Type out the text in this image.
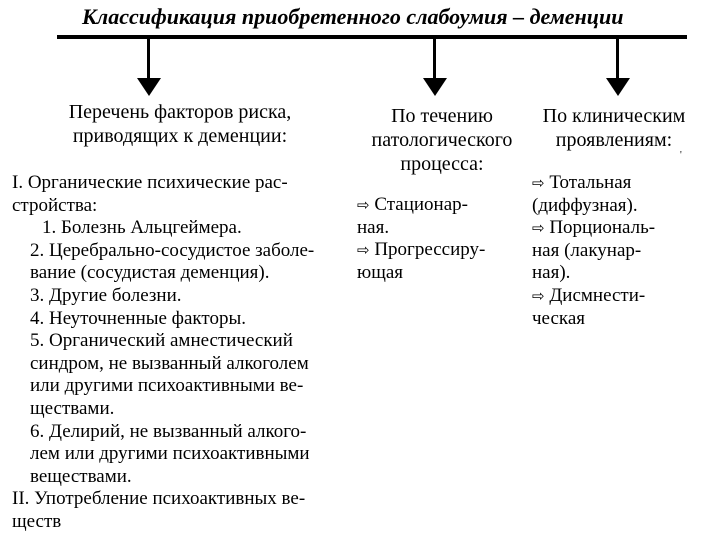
Классификация приобретенного слабоумия – деменции
Перечень факторов риска,
приводящих к деменции:
По течению
патологического
процесса:
По клиническим
проявлениям:

I. Органические психические рас-

стройства:

1. Болезнь Альцгеймера.

2. Церебрально-сосудистое заболе-

вание (сосудистая деменция).

3. Другие болезни.

4. Неуточненные факторы.

5. Органический амнестический

синдром, не вызванный алкоголем

или другими психоактивными ве-

ществами.

6. Делирий, не вызванный алкого-

лем или другими психоактивными

веществами.

II. Употребление психоактивных ве-

ществ

⇨ Стационар-

ная.

⇨ Прогрессиру-

ющая

⇨ Тотальная

(диффузная).

⇨ Порциональ-

ная (лакунар-

ная).

⇨ Дисмнести-

ческая

'
